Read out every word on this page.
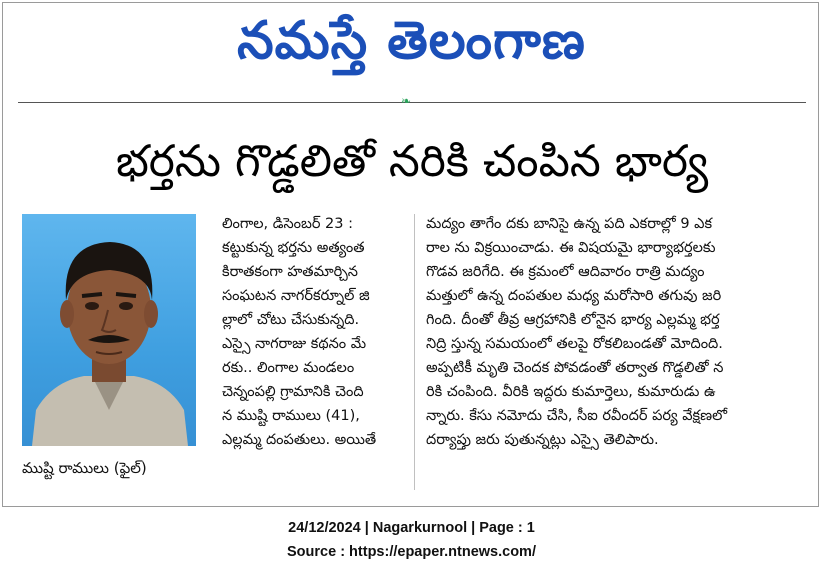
నమస్తే తెలంగాణ
❧
భర్తను గొడ్డలితో నరికి చంపిన భార్య
ముష్టి రాములు (ఫైల్)

లింగాల, డిసెంబర్ 23 :

కట్టుకున్న భర్తను అత్యంత

కిరాతకంగా హతమార్చిన

సంఘటన నాగర్‌కర్నూల్ జి

ల్లాలో చోటు చేసుకున్నది.

ఎస్సై నాగరాజు కథనం మే

రకు.. లింగాల మండలం

చెన్నంపల్లి గ్రామానికి చెంది

న ముష్టి రాములు (41),

ఎల్లమ్మ దంపతులు. అయితే

మద్యం తాగేం దకు బానిసై ఉన్న పది ఎకరాల్లో 9 ఎక

రాల ను విక్రయించాడు. ఈ విషయమై భార్యాభర్తలకు

గొడవ జరిగేది. ఈ క్రమంలో ఆదివారం రాత్రి మద్యం

మత్తులో ఉన్న దంపతుల మధ్య మరోసారి తగువు జరి

గింది. దీంతో తీవ్ర ఆగ్రహానికి లోనైన భార్య ఎల్లమ్మ భర్త

నిద్రి స్తున్న సమయంలో తలపై రోకలిబండతో మోదింది.

అప్పటికీ మృతి చెందక పోవడంతో తర్వాత గొడ్డలితో న

రికి చంపింది. వీరికి ఇద్దరు కుమార్తెలు, కుమారుడు ఉ

న్నారు. కేసు నమోదు చేసి, సీఐ రవీందర్ పర్య వేక్షణలో

దర్యాప్తు జరు పుతున్నట్లు ఎస్సై తెలిపారు.

24/12/2024 | Nagarkurnool | Page : 1
Source : https://epaper.ntnews.com/
